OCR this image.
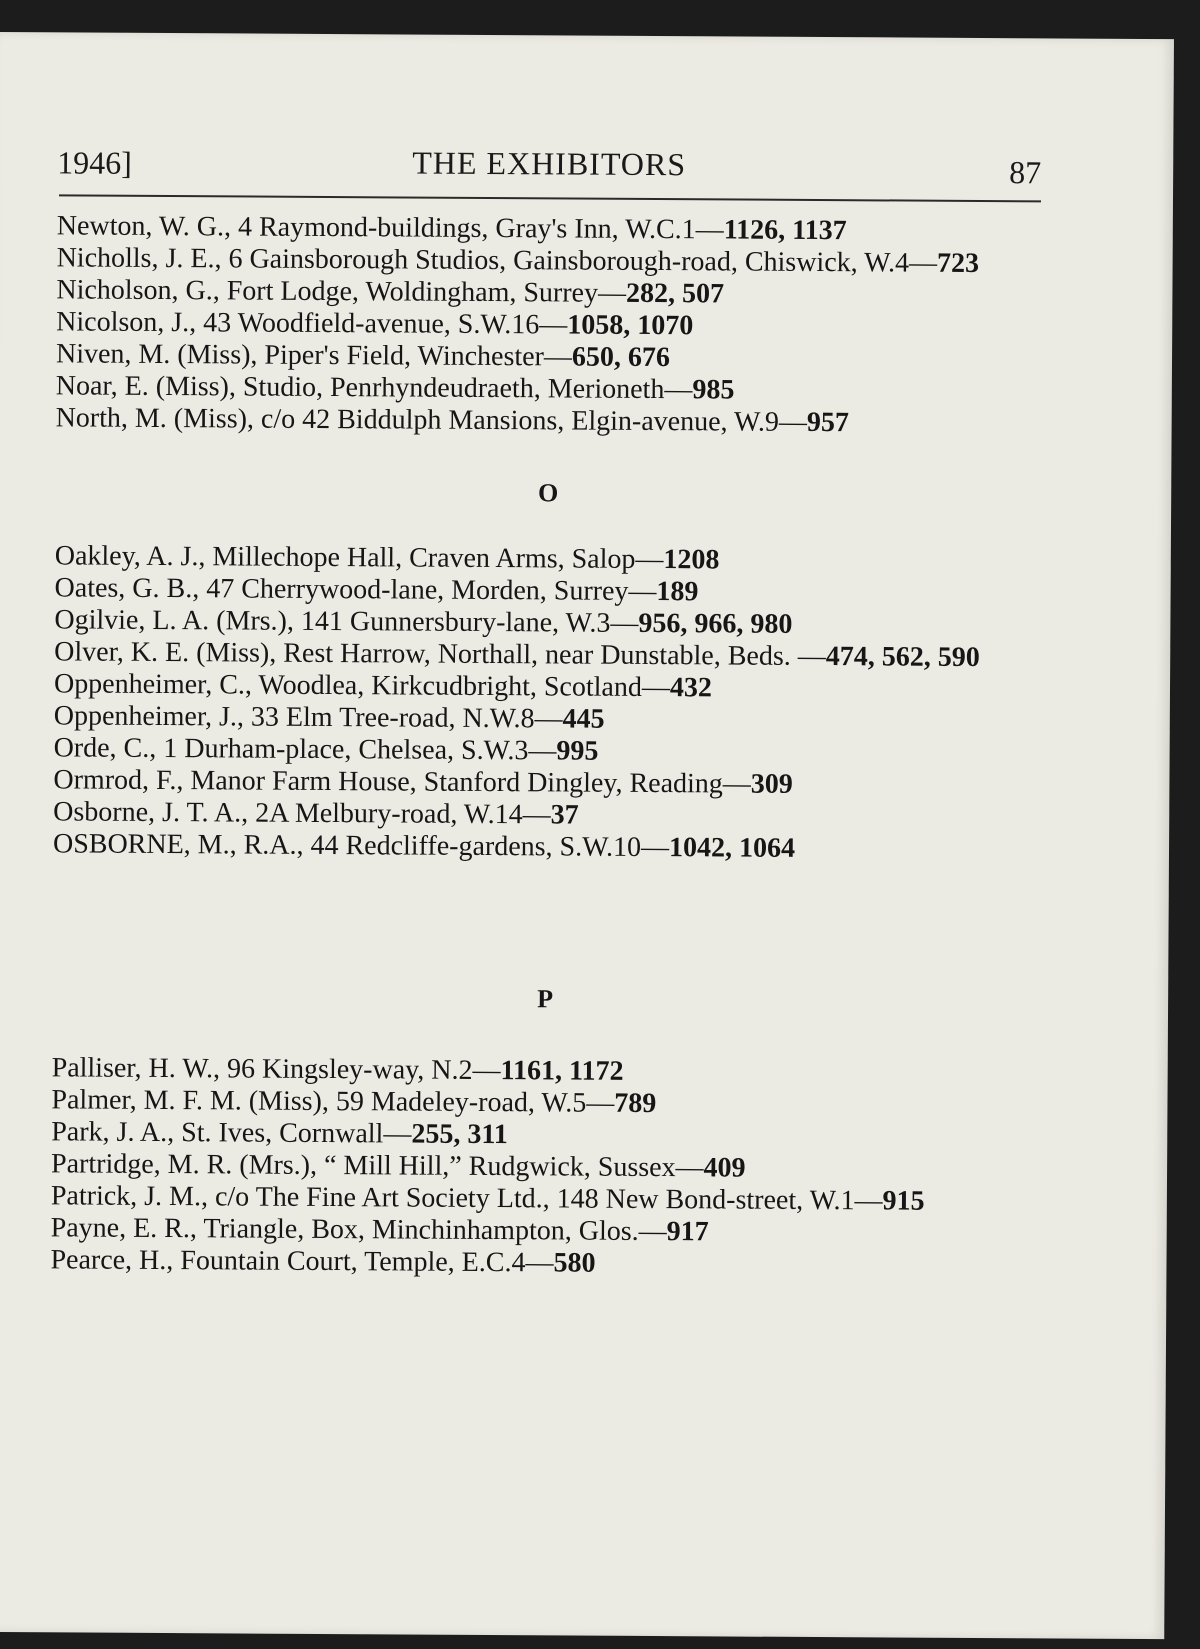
1946]	THE EXHIBITORS	87

Newton, W. G., 4 Raymond-buildings, Gray's Inn, W.C.1—1126, 1137

Nicholls, J. E., 6 Gainsborough Studios, Gainsborough-road, Chiswick, W.4—723

Nicholson, G., Fort Lodge, Woldingham, Surrey—282, 507

Nicolson, J., 43 Woodfield-avenue, S.W.16—1058, 1070

Niven, M. (Miss), Piper's Field, Winchester—650, 676

Noar, E. (Miss), Studio, Penrhyndeudraeth, Merioneth—985

North, M. (Miss), c/o 42 Biddulph Mansions, Elgin-avenue, W.9—957

O

Oakley, A. J., Millechope Hall, Craven Arms, Salop—1208

Oates, G. B., 47 Cherrywood-lane, Morden, Surrey—189

Ogilvie, L. A. (Mrs.), 141 Gunnersbury-lane, W.3—956, 966, 980

Olver, K. E. (Miss), Rest Harrow, Northall, near Dunstable, Beds. —474, 562, 590

Oppenheimer, C., Woodlea, Kirkcudbright, Scotland—432

Oppenheimer, J., 33 Elm Tree-road, N.W.8—445

Orde, C., 1 Durham-place, Chelsea, S.W.3—995

Ormrod, F., Manor Farm House, Stanford Dingley, Reading—309

Osborne, J. T. A., 2A Melbury-road, W.14—37

OSBORNE, M., R.A., 44 Redcliffe-gardens, S.W.10—1042, 1064

P

Palliser, H. W., 96 Kingsley-way, N.2—1161, 1172

Palmer, M. F. M. (Miss), 59 Madeley-road, W.5—789

Park, J. A., St. Ives, Cornwall—255, 311

Partridge, M. R. (Mrs.), “ Mill Hill,” Rudgwick, Sussex—409

Patrick, J. M., c/o The Fine Art Society Ltd., 148 New Bond-street, W.1—915

Payne, E. R., Triangle, Box, Minchinhampton, Glos.—917

Pearce, H., Fountain Court, Temple, E.C.4—580
